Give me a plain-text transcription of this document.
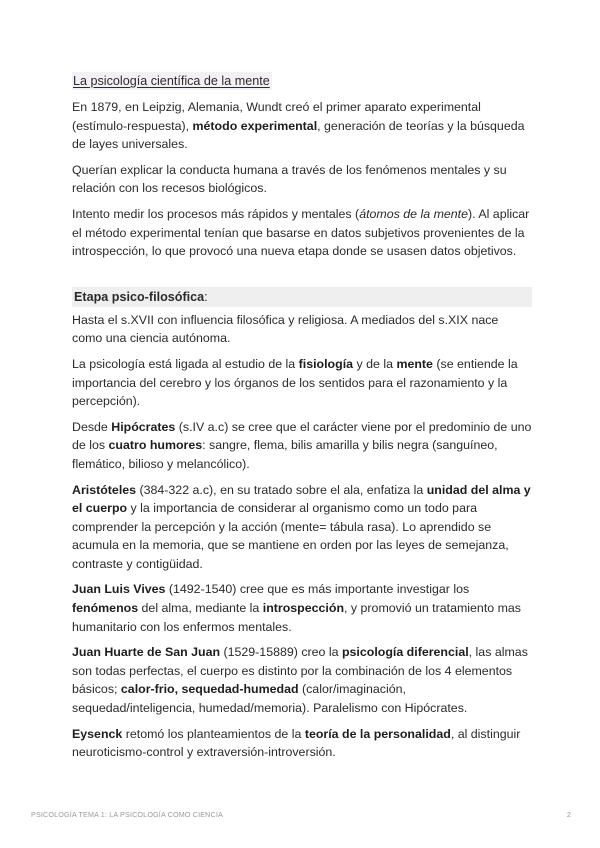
La psicología científica de la mente

En 1879, en Leipzig, Alemania, Wundt creó el primer aparato experimental (estímulo-respuesta), método experimental, generación de teorías y la búsqueda de layes universales.

Querían explicar la conducta humana a través de los fenómenos mentales y su relación con los recesos biológicos.

Intento medir los procesos más rápidos y mentales (átomos de la mente). Al aplicar el método experimental tenían que basarse en datos subjetivos provenientes de la introspección, lo que provocó una nueva etapa donde se usasen datos objetivos.

Etapa psico-filosófica:

Hasta el s.XVII con influencia filosófica y religiosa. A mediados del s.XIX nace como una ciencia autónoma.

La psicología está ligada al estudio de la fisiología y de la mente (se entiende la importancia del cerebro y los órganos de los sentidos para el razonamiento y la percepción).

Desde Hipócrates (s.IV a.c) se cree que el carácter viene por el predominio de uno de los cuatro humores: sangre, flema, bilis amarilla y bilis negra (sanguíneo, flemático, bilioso y melancólico).

Aristóteles (384-322 a.c), en su tratado sobre el ala, enfatiza la unidad del alma y el cuerpo y la importancia de considerar al organismo como un todo para comprender la percepción y la acción (mente= tábula rasa). Lo aprendido se acumula en la memoria, que se mantiene en orden por las leyes de semejanza, contraste y contigüidad.

Juan Luis Vives (1492-1540) cree que es más importante investigar los fenómenos del alma, mediante la introspección, y promovió un tratamiento mas humanitario con los enfermos mentales.

Juan Huarte de San Juan (1529-15889) creo la psicología diferencial, las almas son todas perfectas, el cuerpo es distinto por la combinación de los 4 elementos básicos; calor-frio, sequedad-humedad (calor/imaginación, sequedad/inteligencia, humedad/memoria). Paralelismo con Hipócrates.

Eysenck retomó los planteamientos de la teoría de la personalidad, al distinguir neuroticismo-control y extraversión-introversión.

PSICOLOGÍA TEMA 1: LA PSICOLOGÍA COMO CIENCIA	2
